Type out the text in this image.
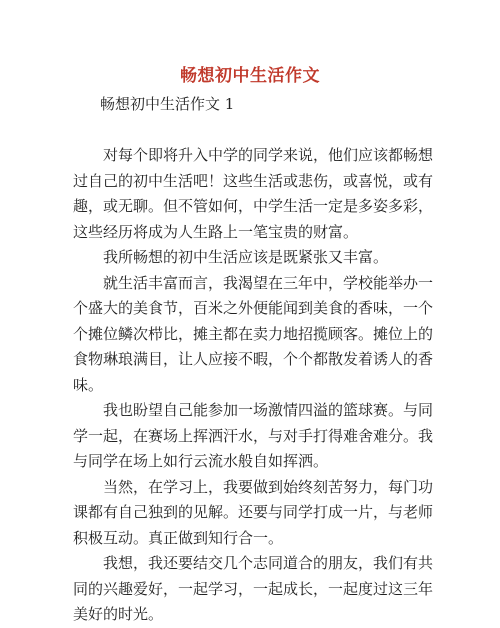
畅想初中生活作文
畅想初中生活作文 1

对每个即将升入中学的同学来说，他们应该都畅想过自己的初中生活吧！这些生活或悲伤，或喜悦，或有趣，或无聊。但不管如何，中学生活一定是多姿多彩，这些经历将成为人生路上一笔宝贵的财富。

我所畅想的初中生活应该是既紧张又丰富。

就生活丰富而言，我渴望在三年中，学校能举办一个盛大的美食节，百米之外便能闻到美食的香味，一个个摊位鳞次栉比，摊主都在卖力地招揽顾客。摊位上的食物琳琅满目，让人应接不暇，个个都散发着诱人的香味。

我也盼望自己能参加一场激情四溢的篮球赛。与同学一起，在赛场上挥洒汗水，与对手打得难舍难分。我与同学在场上如行云流水般自如挥洒。

当然，在学习上，我要做到始终刻苦努力，每门功课都有自己独到的见解。还要与同学打成一片，与老师积极互动。真正做到知行合一。

我想，我还要结交几个志同道合的朋友，我们有共同的兴趣爱好，一起学习，一起成长，一起度过这三年美好的时光。
